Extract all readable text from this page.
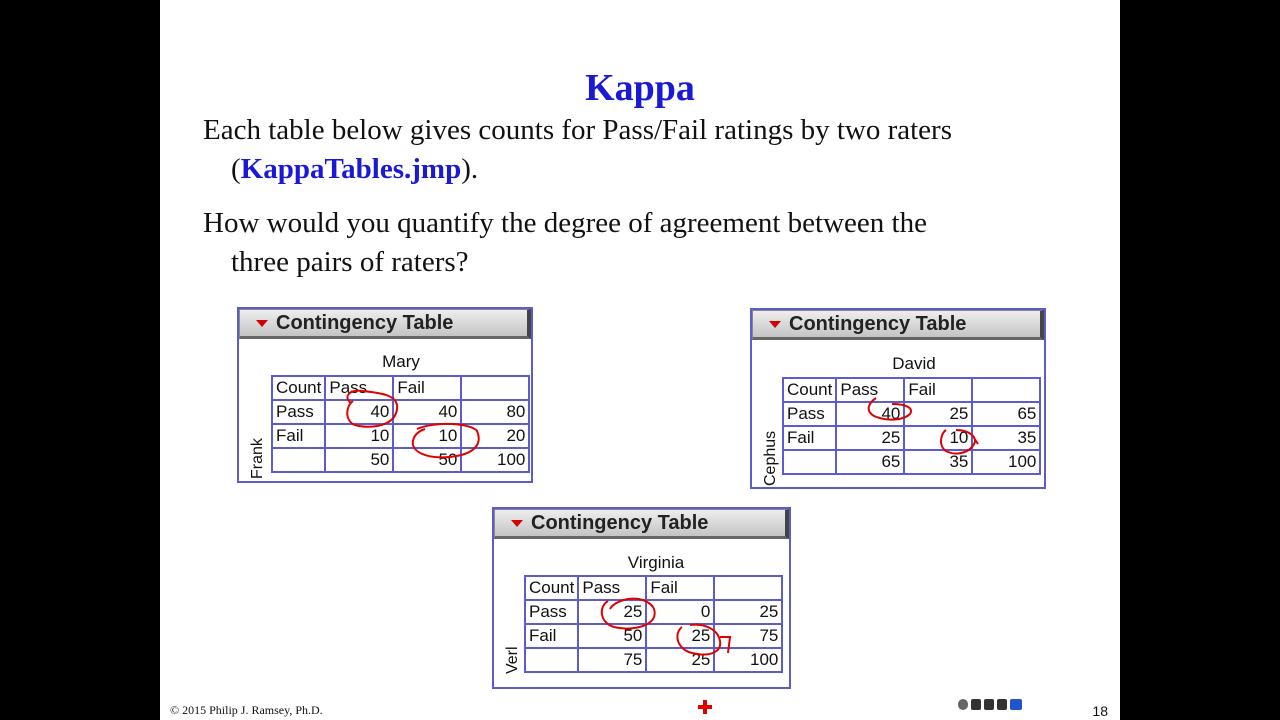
Kappa
Each table below gives counts for Pass/Fail ratings by two raters
(KappaTables.jmp).
How would you quantify the degree of agreement between the
three pairs of raters?
Contingency Table
Mary
Frank
Count	Pass	Fail	
Pass	40	40	80
Fail	10	10	20
	50	50	100
Contingency Table
David
Cephus
Count	Pass	Fail	
Pass	40	25	65
Fail	25	10	35
	65	35	100
Contingency Table
Virginia
Verl
Count	Pass	Fail	
Pass	25	0	25
Fail	50	25	75
	75	25	100
© 2015 Philip J. Ramsey, Ph.D.	18
